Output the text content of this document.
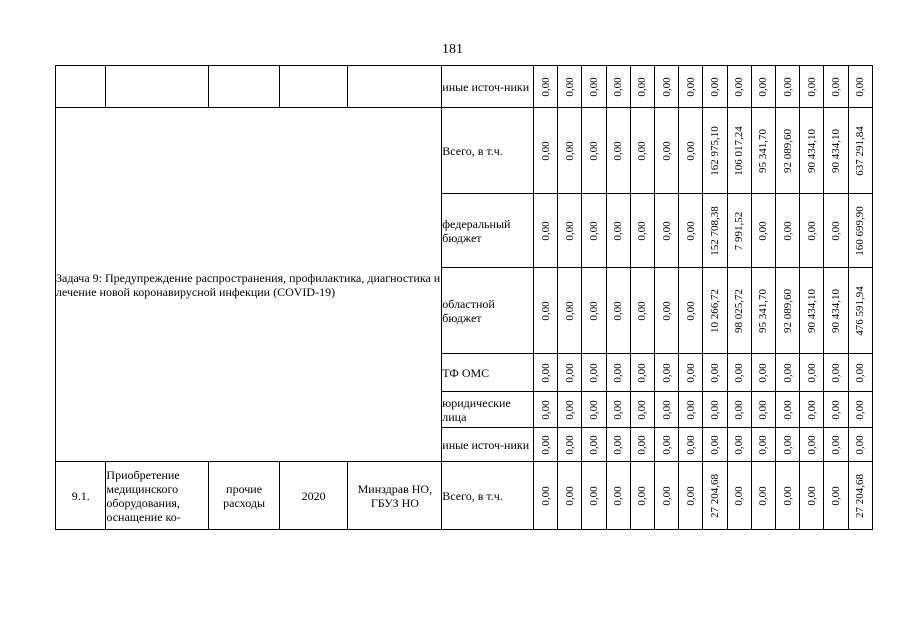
181
					иные источ-ники	0,00	0,00	0,00	0,00	0,00	0,00	0,00	0,00	0,00	0,00	0,00	0,00	0,00	0,00

Задача 9: Предупреждение распространения, профилактика, диагностика и лечение новой коронавирусной инфекции (COVID-19)					Всего, в т.ч.	0,00	0,00	0,00	0,00	0,00	0,00	0,00	162 975,10	106 017,24	95 341,70	92 089,60	90 434,10	90 434,10	637 291,84

					федеральный бюджет	0,00	0,00	0,00	0,00	0,00	0,00	0,00	152 708,38	7 991,52	0,00	0,00	0,00	0,00	160 699,90

					областной бюджет	0,00	0,00	0,00	0,00	0,00	0,00	0,00	10 266,72	98 025,72	95 341,70	92 089,60	90 434,10	90 434,10	476 591,94

					ТФ ОМС	0,00	0,00	0,00	0,00	0,00	0,00	0,00	0,00	0,00	0,00	0,00	0,00	0,00	0,00

					юридические лица	0,00	0,00	0,00	0,00	0,00	0,00	0,00	0,00	0,00	0,00	0,00	0,00	0,00	0,00

					иные источ-ники	0,00	0,00	0,00	0,00	0,00	0,00	0,00	0,00	0,00	0,00	0,00	0,00	0,00	0,00

9.1.	Приобретение медицинского оборудования, оснащение ко-	прочие расходы	2020	Минздрав НО, ГБУЗ НО	Всего, в т.ч.	0,00	0,00	0,00	0,00	0,00	0,00	0,00	27 204,68	0,00	0,00	0,00	0,00	0,00	27 204,68
